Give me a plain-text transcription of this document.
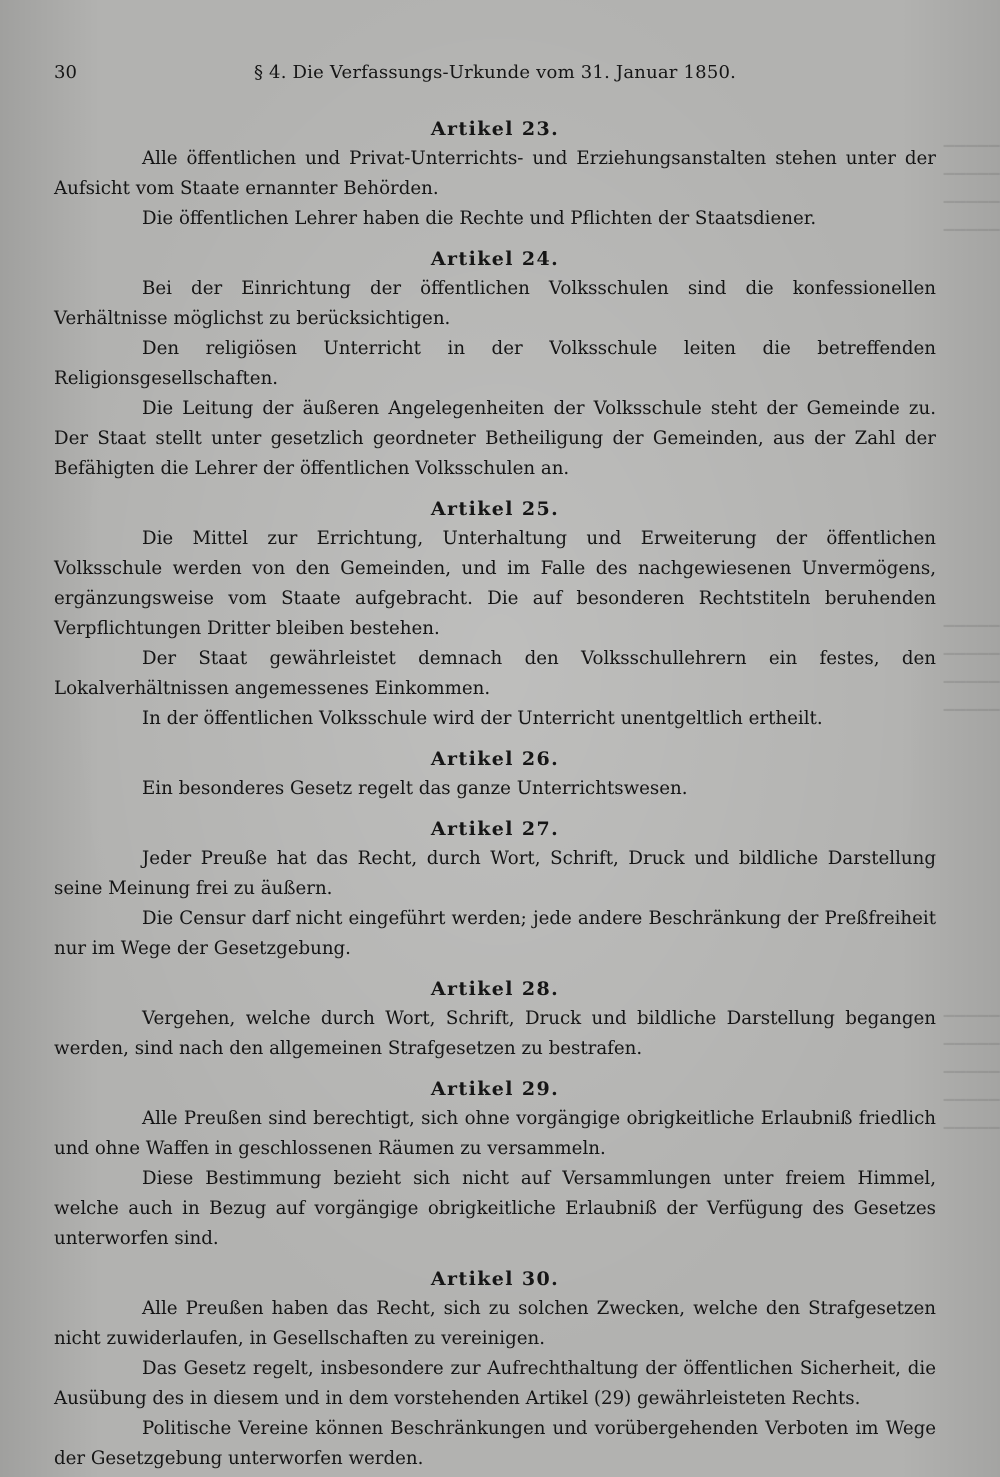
▔▔▔▔▔
▔▔▔▔▔
▔▔▔▔▔
▔▔▔▔▔
▔▔▔▔▔
▔▔▔▔▔
▔▔▔▔▔
▔▔▔▔▔
▔▔▔▔▔
▔▔▔▔▔
▔▔▔▔▔
▔▔▔▔▔
▔▔▔▔▔
30	§ 4. Die Verfassungs-Urkunde vom 31. Januar 1850.
Artikel 23.

Alle öffentlichen und Privat-Unterrichts- und Erziehungsanstalten stehen unter der Aufsicht vom Staate ernannter Behörden.

Die öffentlichen Lehrer haben die Rechte und Pflichten der Staatsdiener.

Artikel 24.

Bei der Einrichtung der öffentlichen Volksschulen sind die konfessionellen Verhältnisse möglichst zu berücksichtigen.

Den religiösen Unterricht in der Volksschule leiten die betreffenden Religionsgesellschaften.

Die Leitung der äußeren Angelegenheiten der Volksschule steht der Gemeinde zu. Der Staat stellt unter gesetzlich geordneter Betheiligung der Gemeinden, aus der Zahl der Befähigten die Lehrer der öffentlichen Volksschulen an.

Artikel 25.

Die Mittel zur Errichtung, Unterhaltung und Erweiterung der öffentlichen Volksschule werden von den Gemeinden, und im Falle des nachgewiesenen Unvermögens, ergänzungsweise vom Staate aufgebracht. Die auf besonderen Rechtstiteln beruhenden Verpflichtungen Dritter bleiben bestehen.

Der Staat gewährleistet demnach den Volksschullehrern ein festes, den Lokalverhältnissen angemessenes Einkommen.

In der öffentlichen Volksschule wird der Unterricht unentgeltlich ertheilt.

Artikel 26.

Ein besonderes Gesetz regelt das ganze Unterrichtswesen.

Artikel 27.

Jeder Preuße hat das Recht, durch Wort, Schrift, Druck und bildliche Darstellung seine Meinung frei zu äußern.

Die Censur darf nicht eingeführt werden; jede andere Beschränkung der Preßfreiheit nur im Wege der Gesetzgebung.

Artikel 28.

Vergehen, welche durch Wort, Schrift, Druck und bildliche Darstellung begangen werden, sind nach den allgemeinen Strafgesetzen zu bestrafen.

Artikel 29.

Alle Preußen sind berechtigt, sich ohne vorgängige obrigkeitliche Erlaubniß friedlich und ohne Waffen in geschlossenen Räumen zu versammeln.

Diese Bestimmung bezieht sich nicht auf Versammlungen unter freiem Himmel, welche auch in Bezug auf vorgängige obrigkeitliche Erlaubniß der Verfügung des Gesetzes unterworfen sind.

Artikel 30.

Alle Preußen haben das Recht, sich zu solchen Zwecken, welche den Strafgesetzen nicht zuwiderlaufen, in Gesellschaften zu vereinigen.

Das Gesetz regelt, insbesondere zur Aufrechthaltung der öffentlichen Sicherheit, die Ausübung des in diesem und in dem vorstehenden Artikel (29) gewährleisteten Rechts.

Politische Vereine können Beschränkungen und vorübergehenden Verboten im Wege der Gesetzgebung unterworfen werden.
